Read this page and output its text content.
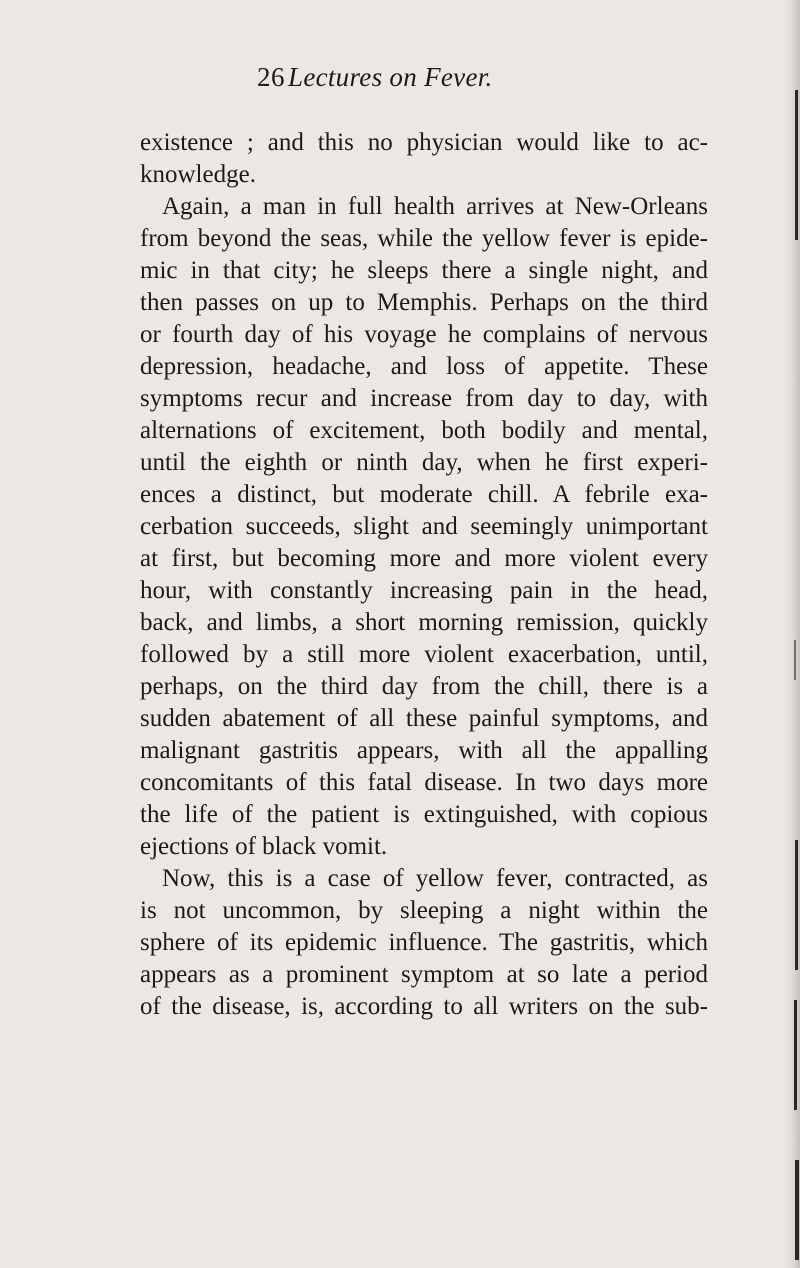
26 Lectures on Fever.
existence ; and this no physician would like to ac-
knowledge.
Again, a man in full health arrives at New-Orleans
from beyond the seas, while the yellow fever is epide-
mic in that city; he sleeps there a single night, and
then passes on up to Memphis. Perhaps on the third
or fourth day of his voyage he complains of nervous
depression, headache, and loss of appetite. These
symptoms recur and increase from day to day, with
alternations of excitement, both bodily and mental,
until the eighth or ninth day, when he first experi-
ences a distinct, but moderate chill. A febrile exa-
cerbation succeeds, slight and seemingly unimportant
at first, but becoming more and more violent every
hour, with constantly increasing pain in the head,
back, and limbs, a short morning remission, quickly
followed by a still more violent exacerbation, until,
perhaps, on the third day from the chill, there is a
sudden abatement of all these painful symptoms, and
malignant gastritis appears, with all the appalling
concomitants of this fatal disease. In two days more
the life of the patient is extinguished, with copious
ejections of black vomit.
Now, this is a case of yellow fever, contracted, as
is not uncommon, by sleeping a night within the
sphere of its epidemic influence. The gastritis, which
appears as a prominent symptom at so late a period
of the disease, is, according to all writers on the sub-
